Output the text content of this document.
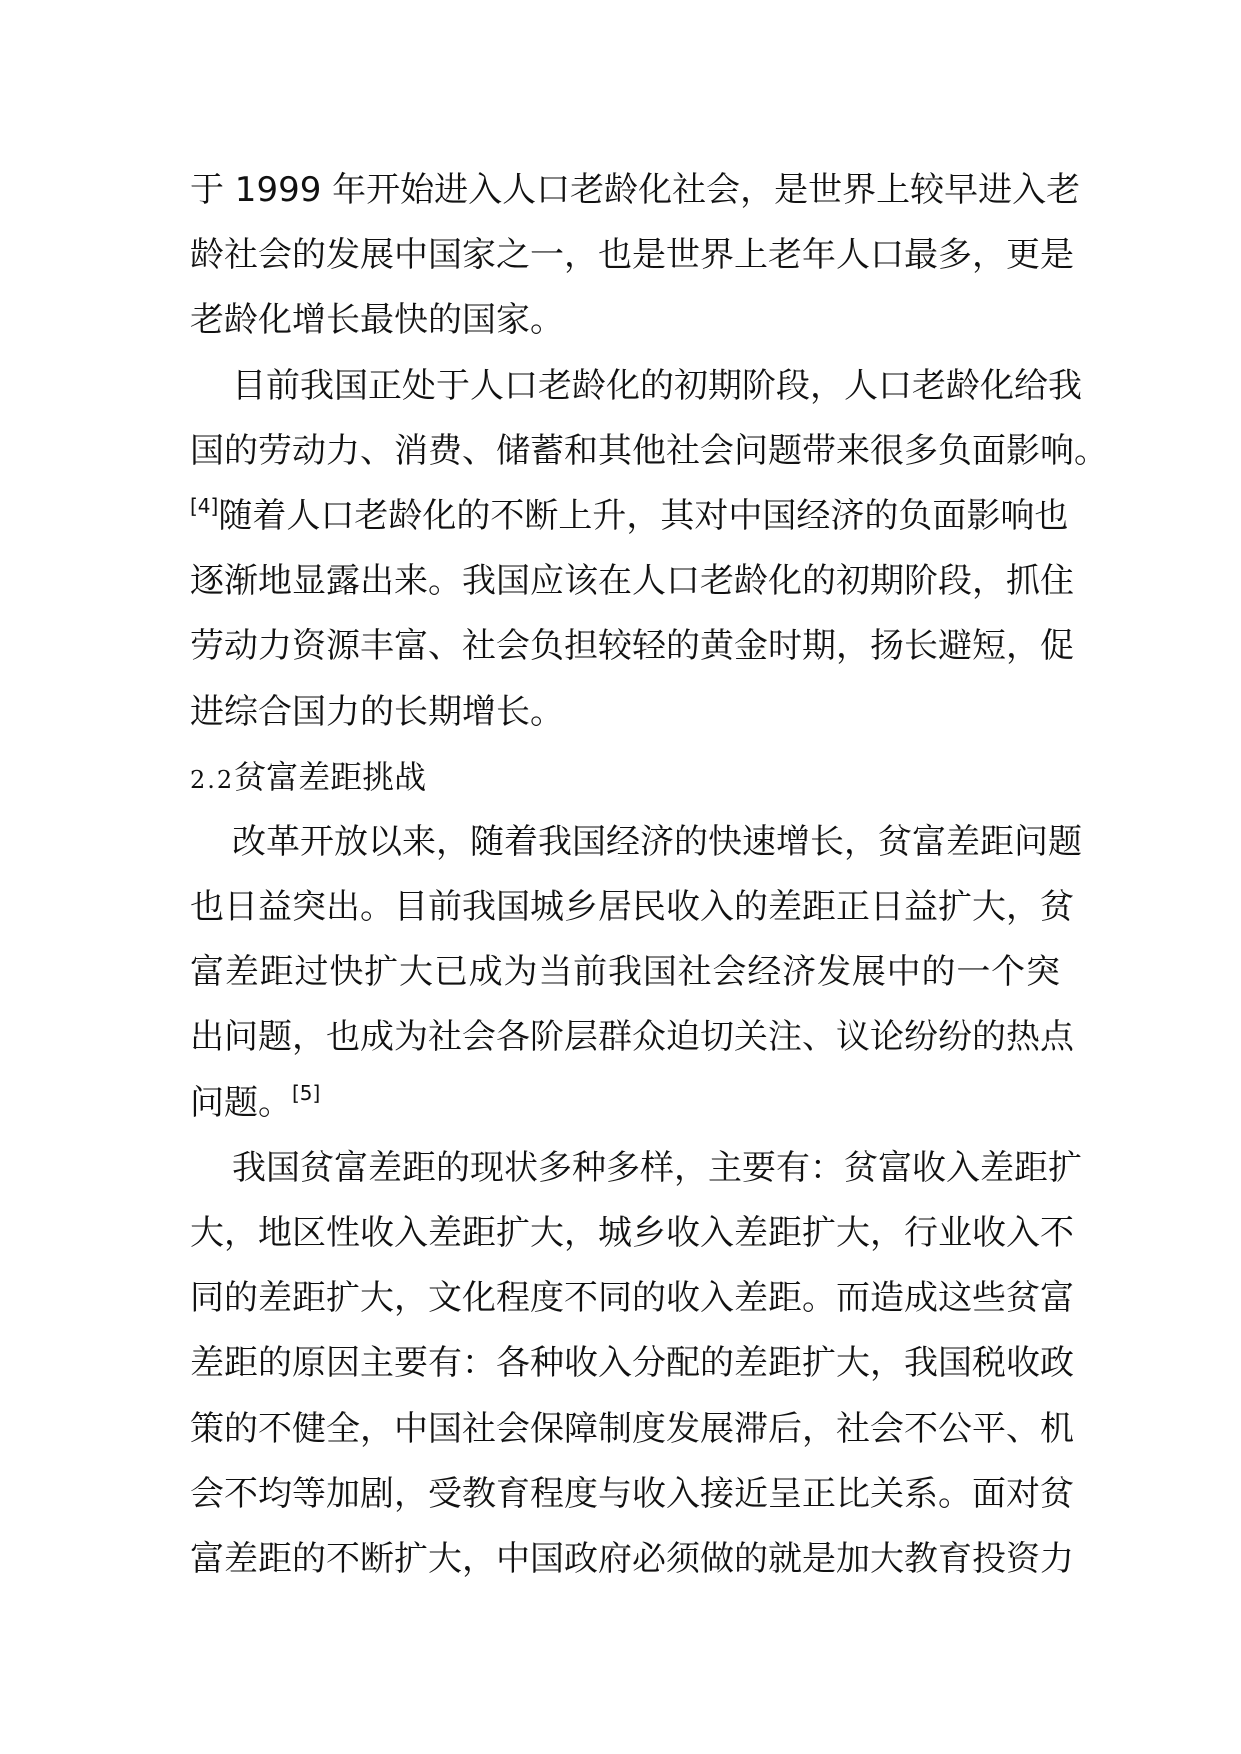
于 1999 年开始进入人口老龄化社会，是世界上较早进入老
龄社会的发展中国家之一，也是世界上老年人口最多，更是
老龄化增长最快的国家。
目前我国正处于人口老龄化的初期阶段，人口老龄化给我
国的劳动力、消费、储蓄和其他社会问题带来很多负面影响。
[4]随着人口老龄化的不断上升，其对中国经济的负面影响也
逐渐地显露出来。我国应该在人口老龄化的初期阶段，抓住
劳动力资源丰富、社会负担较轻的黄金时期，扬长避短，促
进综合国力的长期增长。
2.2贫富差距挑战
改革开放以来，随着我国经济的快速增长，贫富差距问题
也日益突出。目前我国城乡居民收入的差距正日益扩大，贫
富差距过快扩大已成为当前我国社会经济发展中的一个突
出问题，也成为社会各阶层群众迫切关注、议论纷纷的热点
问题。[5]
我国贫富差距的现状多种多样，主要有：贫富收入差距扩
大，地区性收入差距扩大，城乡收入差距扩大，行业收入不
同的差距扩大，文化程度不同的收入差距。而造成这些贫富
差距的原因主要有：各种收入分配的差距扩大，我国税收政
策的不健全，中国社会保障制度发展滞后，社会不公平、机
会不均等加剧，受教育程度与收入接近呈正比关系。面对贫
富差距的不断扩大，中国政府必须做的就是加大教育投资力
